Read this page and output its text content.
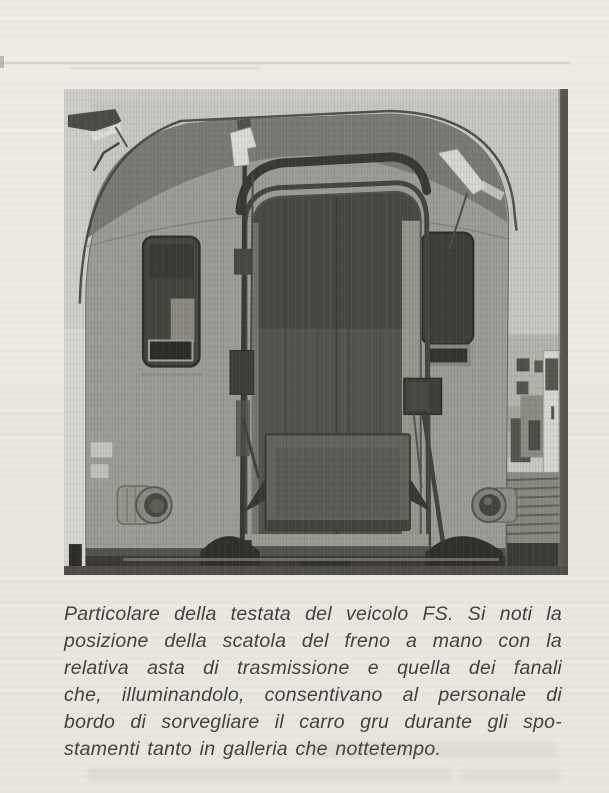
Particolare della testata del veicolo FS. Si noti la
posizione della scatola del freno a mano con la
relativa asta di trasmissione e quella dei fanali
che, illuminandolo, consentivano al personale di
bordo di sorvegliare il carro gru durante gli spo-
stamenti tanto in galleria che nottetempo.
